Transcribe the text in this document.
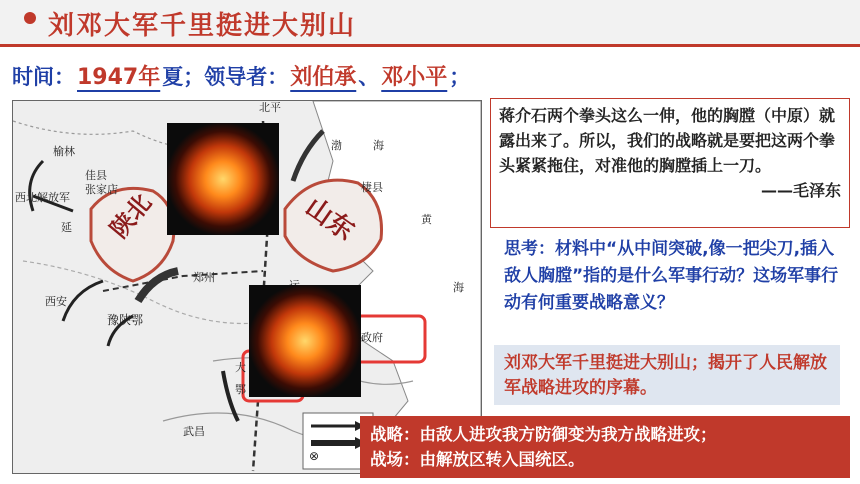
刘邓大军千里挺进大别山
时间：1947年夏；领导者：刘伯承、邓小平；
北平
榆林
佳县
张家店
西北解放军
延
西安
豫陕鄂
郑州
武昌
渤	海
黄
海
棲县
政府
鄂
大
⊗
陕北	山东
蒋介石两个拳头这么一伸，他的胸膛（中原）就露出来了。所以，我们的战略就是要把这两个拳头紧紧拖住，对准他的胸膛插上一刀。
——毛泽东
思考：材料中“从中间突破,像一把尖刀,插入敌人胸膛”指的是什么军事行动？这场军事行动有何重要战略意义？
刘邓大军千里挺进大别山；揭开了人民解放军战略进攻的序幕。
战略：由敌人进攻我方防御变为我方战略进攻；
战场：由解放区转入国统区。
